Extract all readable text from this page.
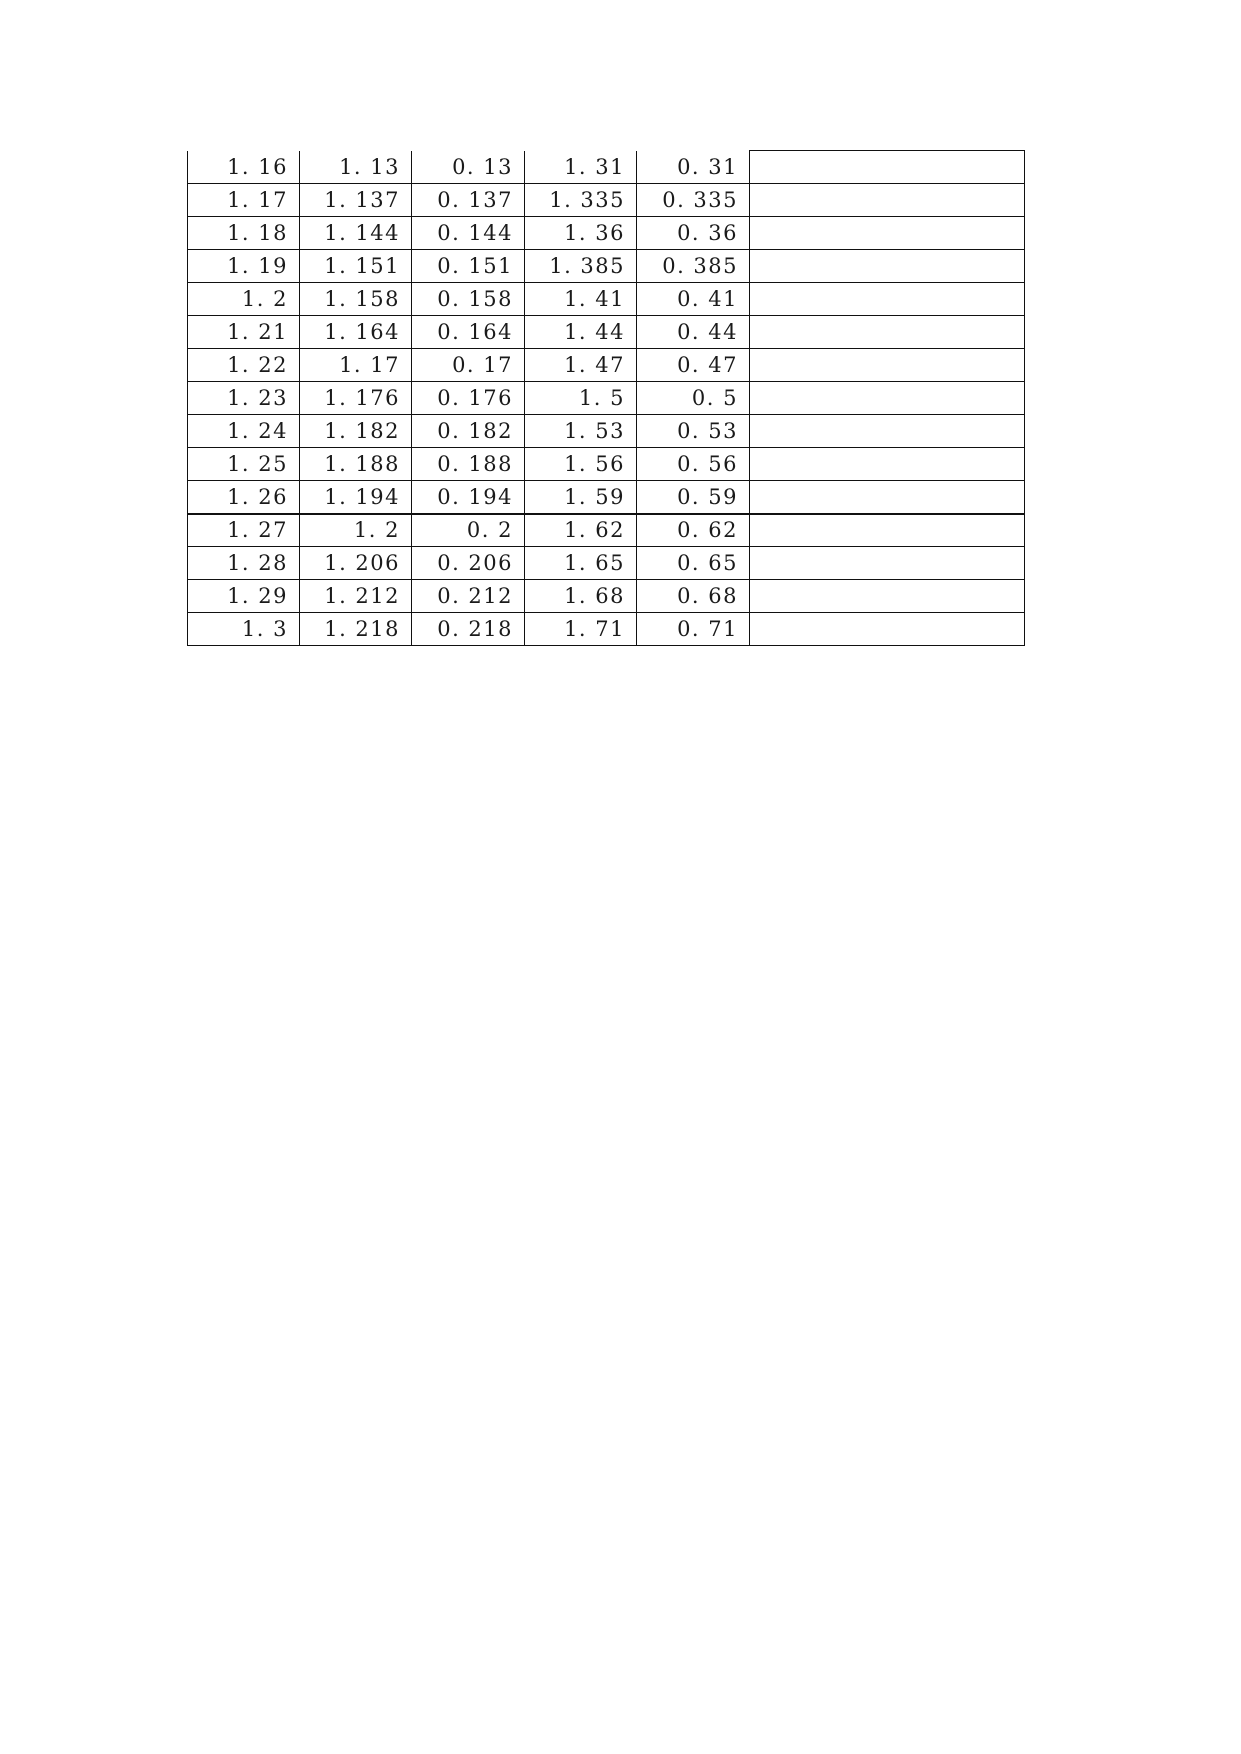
1. 16	1. 13	0. 13	1. 31	0. 31	
1. 17	1. 137	0. 137	1. 335	0. 335	
1. 18	1. 144	0. 144	1. 36	0. 36	
1. 19	1. 151	0. 151	1. 385	0. 385	
1. 2	1. 158	0. 158	1. 41	0. 41	
1. 21	1. 164	0. 164	1. 44	0. 44	
1. 22	1. 17	0. 17	1. 47	0. 47	
1. 23	1. 176	0. 176	1. 5	0. 5	
1. 24	1. 182	0. 182	1. 53	0. 53	
1. 25	1. 188	0. 188	1. 56	0. 56	
1. 26	1. 194	0. 194	1. 59	0. 59	
1. 27	1. 2	0. 2	1. 62	0. 62	
1. 28	1. 206	0. 206	1. 65	0. 65	
1. 29	1. 212	0. 212	1. 68	0. 68	
1. 3	1. 218	0. 218	1. 71	0. 71	
